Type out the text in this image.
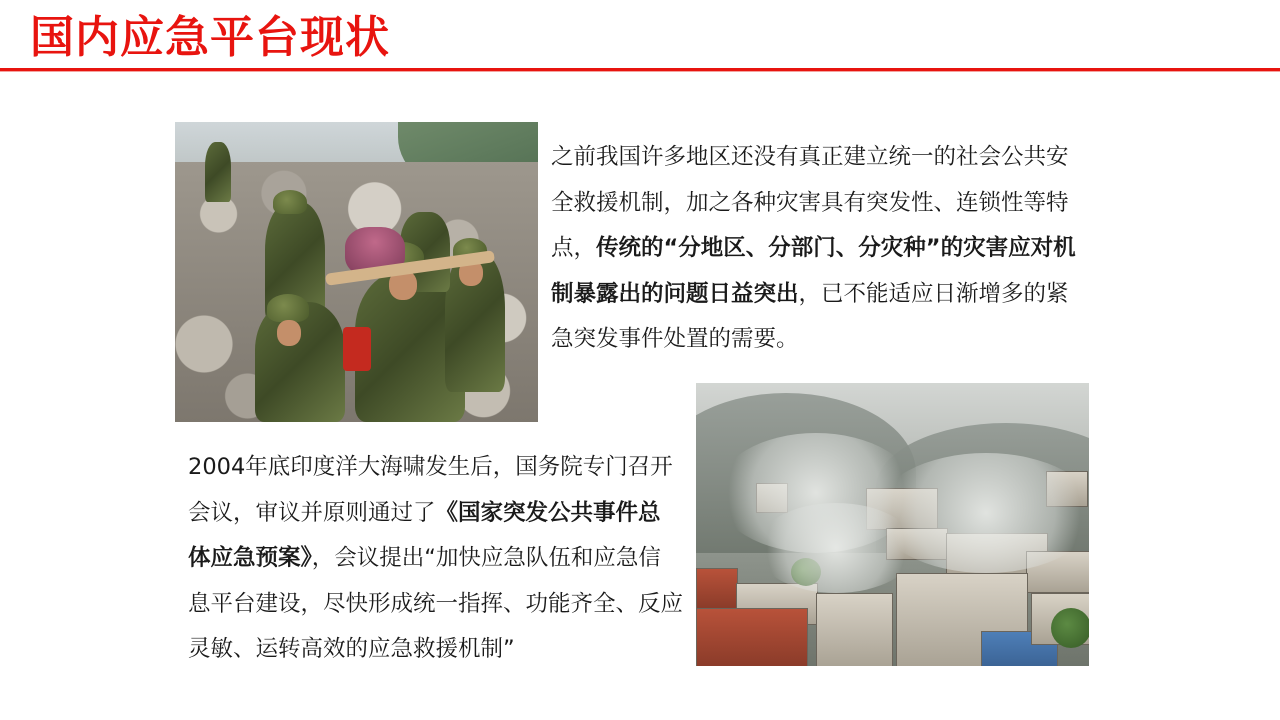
国内应急平台现状
之前我国许多地区还没有真正建立统一的社会公共安全救援机制，加之各种灾害具有突发性、连锁性等特点，传统的“分地区、分部门、分灾种”的灾害应对机制暴露出的问题日益突出，已不能适应日渐增多的紧急突发事件处置的需要。
2004年底印度洋大海啸发生后，国务院专门召开会议，审议并原则通过了《国家突发公共事件总体应急预案》，会议提出“加快应急队伍和应急信息平台建设，尽快形成统一指挥、功能齐全、反应灵敏、运转高效的应急救援机制”
